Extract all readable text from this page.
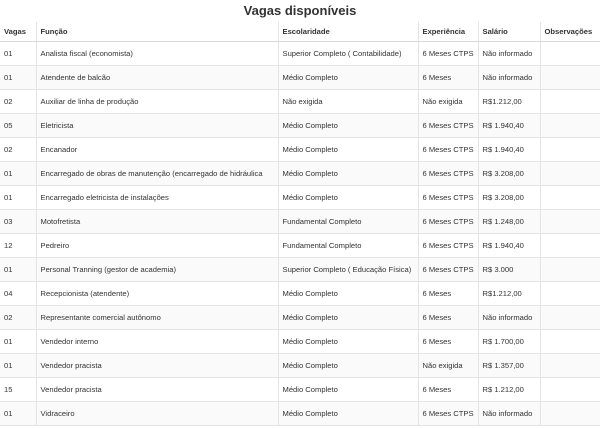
Vagas disponíveis
Vagas	Função	Escolaridade	Experiência	Salário	Observações
01	Analista fiscal (economista)	Superior Completo ( Contabilidade)	6 Meses CTPS	Não informado	
01	Atendente de balcão	Médio Completo	6 Meses	Não informado	
02	Auxiliar de linha de produção	Não exigida	Não exigida	R$1.212,00	
05	Eletricista	Médio Completo	6 Meses CTPS	R$ 1.940,40	
02	Encanador	Médio Completo	6 Meses CTPS	R$ 1.940,40	
01	Encarregado de obras de manutenção (encarregado de hidráulica	Médio Completo	6 Meses CTPS	R$ 3.208,00	
01	Encarregado eletricista de instalações	Médio Completo	6 Meses CTPS	R$ 3.208,00	
03	Motofretista	Fundamental Completo	6 Meses CTPS	R$ 1.248,00	
12	Pedreiro	Fundamental Completo	6 Meses CTPS	R$ 1.940,40	
01	Personal Tranning (gestor de academia)	Superior Completo ( Educação Física)	6 Meses CTPS	R$ 3.000	
04	Recepcionista (atendente)	Médio Completo	6 Meses	R$1.212,00	
02	Representante comercial autônomo	Médio Completo	6 Meses	Não informado	
01	Vendedor interno	Médio Completo	6 Meses	R$ 1.700,00	
01	Vendedor pracista	Médio Completo	Não exigida	R$ 1.357,00	
15	Vendedor pracista	Médio Completo	6 Meses	R$ 1.212,00	
01	Vidraceiro	Médio Completo	6 Meses CTPS	Não informado	
